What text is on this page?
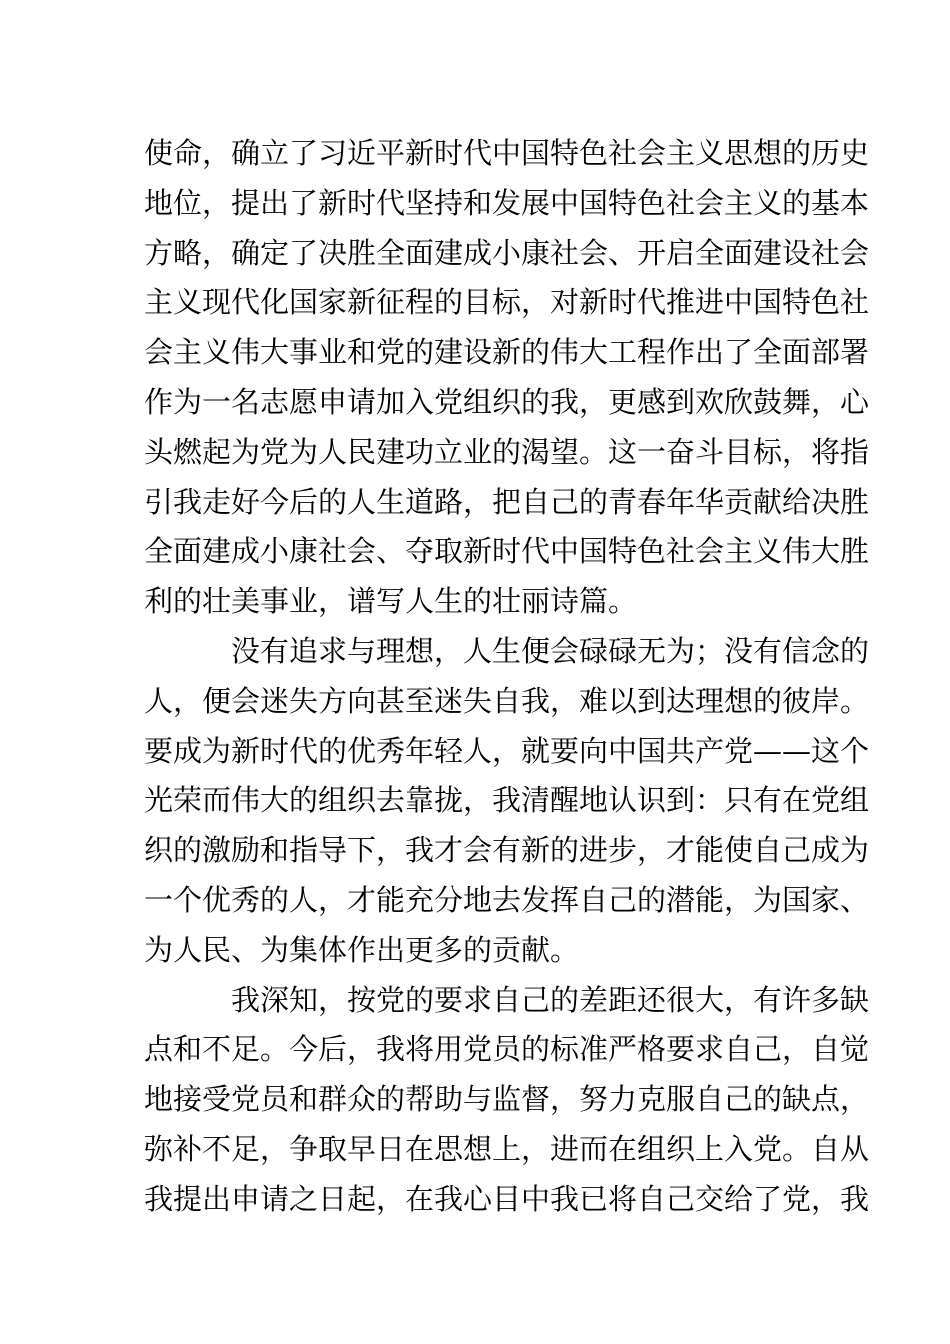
使命，确立了习近平新时代中国特色社会主义思想的历史
地位，提出了新时代坚持和发展中国特色社会主义的基本
方略，确定了决胜全面建成小康社会、开启全面建设社会
主义现代化国家新征程的目标，对新时代推进中国特色社
会主义伟大事业和党的建设新的伟大工程作出了全面部署
作为一名志愿申请加入党组织的我，更感到欢欣鼓舞，心
头燃起为党为人民建功立业的渴望。这一奋斗目标，将指
引我走好今后的人生道路，把自己的青春年华贡献给决胜
全面建成小康社会、夺取新时代中国特色社会主义伟大胜
利的壮美事业，谱写人生的壮丽诗篇。
没有追求与理想，人生便会碌碌无为；没有信念的
人，便会迷失方向甚至迷失自我，难以到达理想的彼岸。
要成为新时代的优秀年轻人，就要向中国共产党——这个
光荣而伟大的组织去靠拢，我清醒地认识到：只有在党组
织的激励和指导下，我才会有新的进步，才能使自己成为
一个优秀的人，才能充分地去发挥自己的潜能，为国家、
为人民、为集体作出更多的贡献。
我深知，按党的要求自己的差距还很大，有许多缺
点和不足。今后，我将用党员的标准严格要求自己，自觉
地接受党员和群众的帮助与监督，努力克服自己的缺点，
弥补不足，争取早日在思想上，进而在组织上入党。自从
我提出申请之日起，在我心目中我已将自己交给了党，我
